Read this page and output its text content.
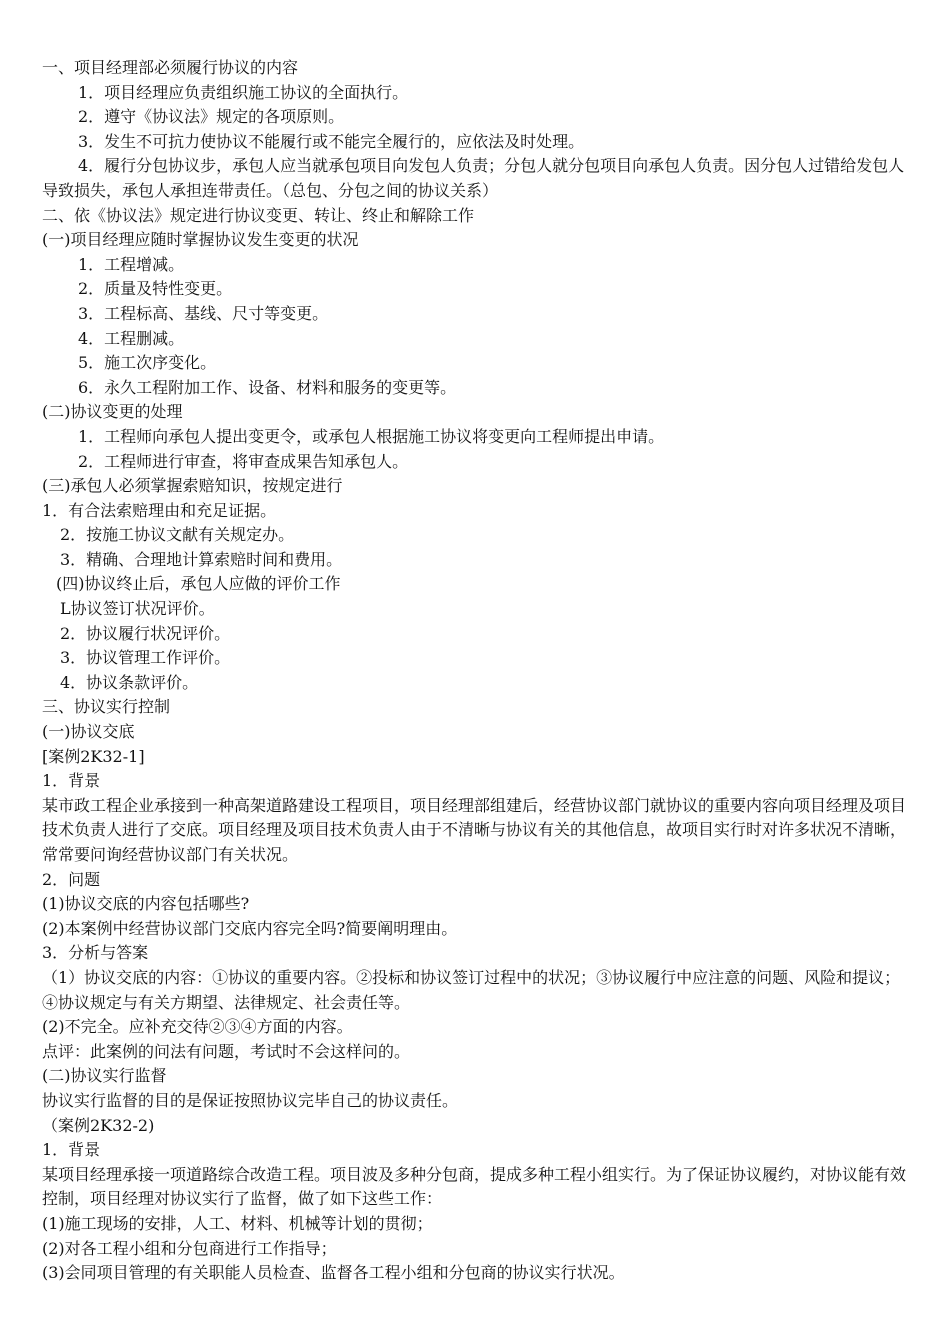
一、项目经理部必须履行协议的内容
1．项目经理应负责组织施工协议的全面执行。
2．遵守《协议法》规定的各项原则。
3．发生不可抗力使协议不能履行或不能完全履行的，应依法及时处理。
4．履行分包协议步，承包人应当就承包项目向发包人负责；分包人就分包项目向承包人负责。因分包人过错给发包人导致损失，承包人承担连带责任。（总包、分包之间的协议关系）
二、依《协议法》规定进行协议变更、转让、终止和解除工作
(一)项目经理应随时掌握协议发生变更的状况
1．工程增减。
2．质量及特性变更。
3．工程标高、基线、尺寸等变更。
4．工程删减。
5．施工次序变化。
6．永久工程附加工作、设备、材料和服务的变更等。
(二)协议变更的处理
1．工程师向承包人提出变更令，或承包人根据施工协议将变更向工程师提出申请。
2．工程师进行审查，将审查成果告知承包人。
(三)承包人必须掌握索赔知识，按规定进行
1．有合法索赔理由和充足证据。
2．按施工协议文献有关规定办。
3．精确、合理地计算索赔时间和费用。
(四)协议终止后，承包人应做的评价工作
L协议签订状况评价。
2．协议履行状况评价。
3．协议管理工作评价。
4．协议条款评价。
三、协议实行控制
(一)协议交底
[案例2K32-1]
1．背景
某市政工程企业承接到一种高架道路建设工程项目，项目经理部组建后，经营协议部门就协议的重要内容向项目经理及项目技术负责人进行了交底。项目经理及项目技术负责人由于不清晰与协议有关的其他信息，故项目实行时对许多状况不清晰，常常要问询经营协议部门有关状况。
2．问题
(1)协议交底的内容包括哪些?
(2)本案例中经营协议部门交底内容完全吗?简要阐明理由。
3．分析与答案
（1）协议交底的内容：①协议的重要内容。②投标和协议签订过程中的状况；③协议履行中应注意的问题、风险和提议；④协议规定与有关方期望、法律规定、社会责任等。
(2)不完全。应补充交待②③④方面的内容。
点评：此案例的问法有问题，考试时不会这样问的。
(二)协议实行监督
协议实行监督的目的是保证按照协议完毕自己的协议责任。
（案例2K32-2)
1．背景
某项目经理承接一项道路综合改造工程。项目波及多种分包商，提成多种工程小组实行。为了保证协议履约，对协议能有效控制，项目经理对协议实行了监督，做了如下这些工作：
(1)施工现场的安排，人工、材料、机械等计划的贯彻；
(2)对各工程小组和分包商进行工作指导；
(3)会同项目管理的有关职能人员检查、监督各工程小组和分包商的协议实行状况。
